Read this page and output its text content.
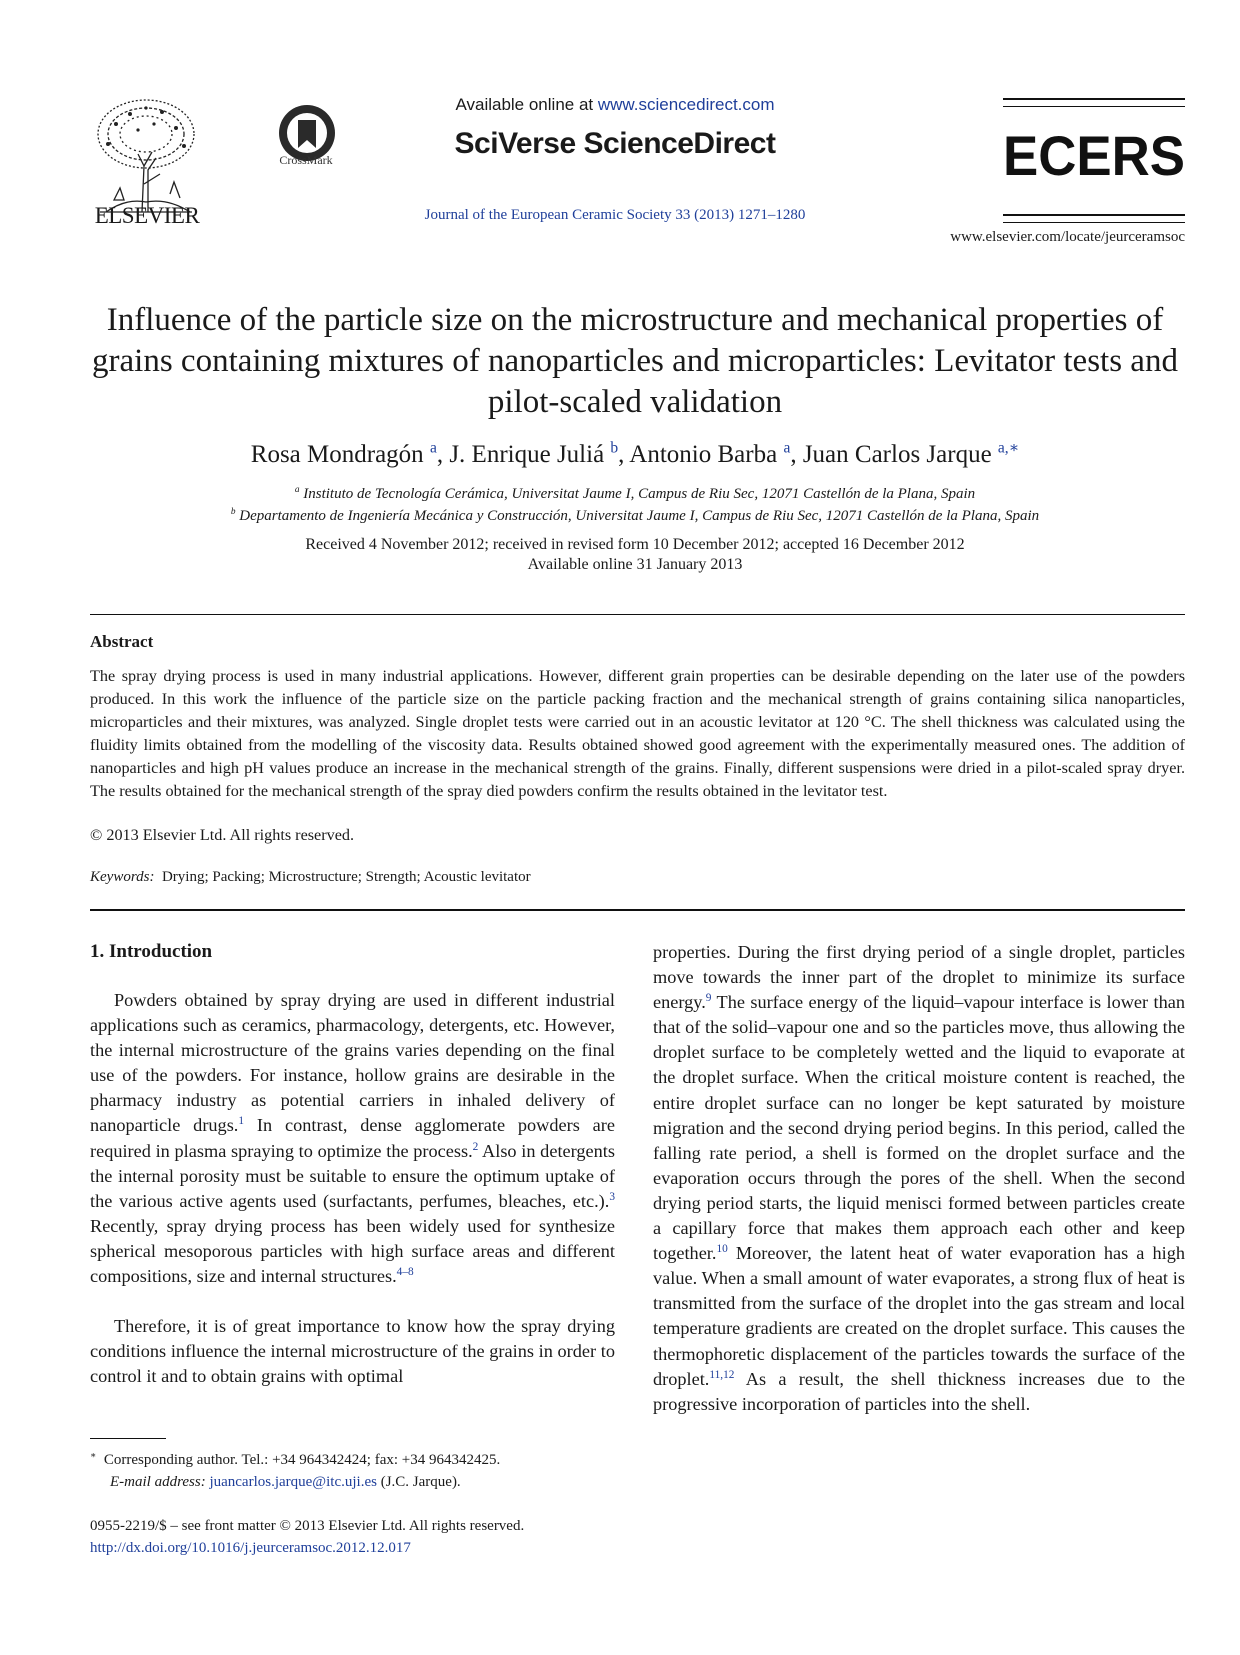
ELSEVIER
CrossMark
Available online at www.sciencedirect.com
SciVerse ScienceDirect
Journal of the European Ceramic Society 33 (2013) 1271–1280
ECERS
www.elsevier.com/locate/jeurceramsoc
Influence of the particle size on the microstructure and mechanical properties of grains containing mixtures of nanoparticles and microparticles: Levitator tests and pilot-scaled validation
Rosa Mondragón $^a$, J. Enrique Juliá $^b$, Antonio Barba $^a$, Juan Carlos Jarque $^{a,∗}$
$^a$ Instituto de Tecnología Cerámica, Universitat Jaume I, Campus de Riu Sec, 12071 Castellón de la Plana, Spain
$^b$ Departamento de Ingeniería Mecánica y Construcción, Universitat Jaume I, Campus de Riu Sec, 12071 Castellón de la Plana, Spain
Received 4 November 2012; received in revised form 10 December 2012; accepted 16 December 2012
Available online 31 January 2013
Abstract
The spray drying process is used in many industrial applications. However, different grain properties can be desirable depending on the later use of the powders produced. In this work the influence of the particle size on the particle packing fraction and the mechanical strength of grains containing silica nanoparticles, microparticles and their mixtures, was analyzed. Single droplet tests were carried out in an acoustic levitator at 120 °C. The shell thickness was calculated using the fluidity limits obtained from the modelling of the viscosity data. Results obtained showed good agreement with the experimentally measured ones. The addition of nanoparticles and high pH values produce an increase in the mechanical strength of the grains. Finally, different suspensions were dried in a pilot-scaled spray dryer. The results obtained for the mechanical strength of the spray died powders confirm the results obtained in the levitator test.
© 2013 Elsevier Ltd. All rights reserved.
Keywords: Drying; Packing; Microstructure; Strength; Acoustic levitator
1. Introduction
Powders obtained by spray drying are used in different industrial applications such as ceramics, pharmacology, detergents, etc. However, the internal microstructure of the grains varies depending on the final use of the powders. For instance, hollow grains are desirable in the pharmacy industry as potential carriers in inhaled delivery of nanoparticle drugs.$^1$ In contrast, dense agglomerate powders are required in plasma spraying to optimize the process.$^2$ Also in detergents the internal porosity must be suitable to ensure the optimum uptake of the various active agents used (surfactants, perfumes, bleaches, etc.).$^3$ Recently, spray drying process has been widely used for synthesize spherical mesoporous particles with high surface areas and different compositions, size and internal structures.$^{4-8}$
Therefore, it is of great importance to know how the spray drying conditions influence the internal microstructure of the grains in order to control it and to obtain grains with optimal
properties. During the first drying period of a single droplet, particles move towards the inner part of the droplet to minimize its surface energy.$^9$ The surface energy of the liquid–vapour interface is lower than that of the solid–vapour one and so the particles move, thus allowing the droplet surface to be completely wetted and the liquid to evaporate at the droplet surface. When the critical moisture content is reached, the entire droplet surface can no longer be kept saturated by moisture migration and the second drying period begins. In this period, called the falling rate period, a shell is formed on the droplet surface and the evaporation occurs through the pores of the shell. When the second drying period starts, the liquid menisci formed between particles create a capillary force that makes them approach each other and keep together.$^{10}$ Moreover, the latent heat of water evaporation has a high value. When a small amount of water evaporates, a strong flux of heat is transmitted from the surface of the droplet into the gas stream and local temperature gradients are created on the droplet surface. This causes the thermophoretic displacement of the particles towards the surface of the droplet.$^{11,12}$ As a result, the shell thickness increases due to the progressive incorporation of particles into the shell.
∗ Corresponding author. Tel.: +34 964342424; fax: +34 964342425.
E-mail address: juancarlos.jarque@itc.uji.es (J.C. Jarque).
0955-2219/$ – see front matter © 2013 Elsevier Ltd. All rights reserved.
http://dx.doi.org/10.1016/j.jeurceramsoc.2012.12.017
